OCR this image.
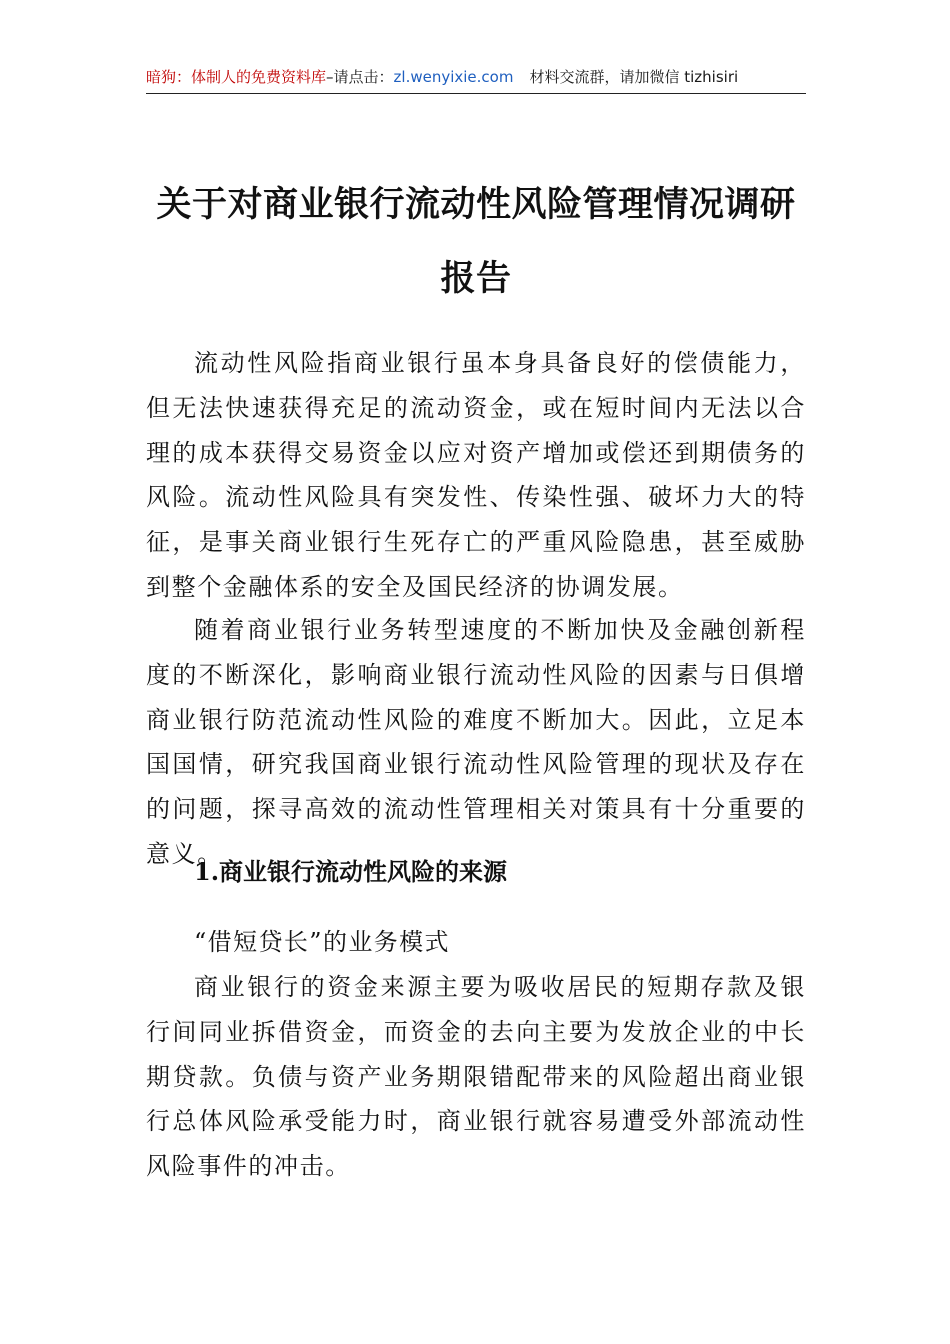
暗狗：体制人的免费资料库–请点击：zl.wenyixie.com 材料交流群，请加微信 tizhisiri
关于对商业银行流动性风险管理情况调研
报告

流动性风险指商业银行虽本身具备良好的偿债能力，但无法快速获得充足的流动资金，或在短时间内无法以合理的成本获得交易资金以应对资产增加或偿还到期债务的风险。流动性风险具有突发性、传染性强、破坏力大的特征，是事关商业银行生死存亡的严重风险隐患，甚至威胁到整个金融体系的安全及国民经济的协调发展。

随着商业银行业务转型速度的不断加快及金融创新程度的不断深化，影响商业银行流动性风险的因素与日俱增商业银行防范流动性风险的难度不断加大。因此，立足本国国情，研究我国商业银行流动性风险管理的现状及存在的问题，探寻高效的流动性管理相关对策具有十分重要的意义。

1.商业银行流动性风险的来源

“借短贷长”的业务模式

商业银行的资金来源主要为吸收居民的短期存款及银行间同业拆借资金，而资金的去向主要为发放企业的中长期贷款。负债与资产业务期限错配带来的风险超出商业银行总体风险承受能力时，商业银行就容易遭受外部流动性风险事件的冲击。
